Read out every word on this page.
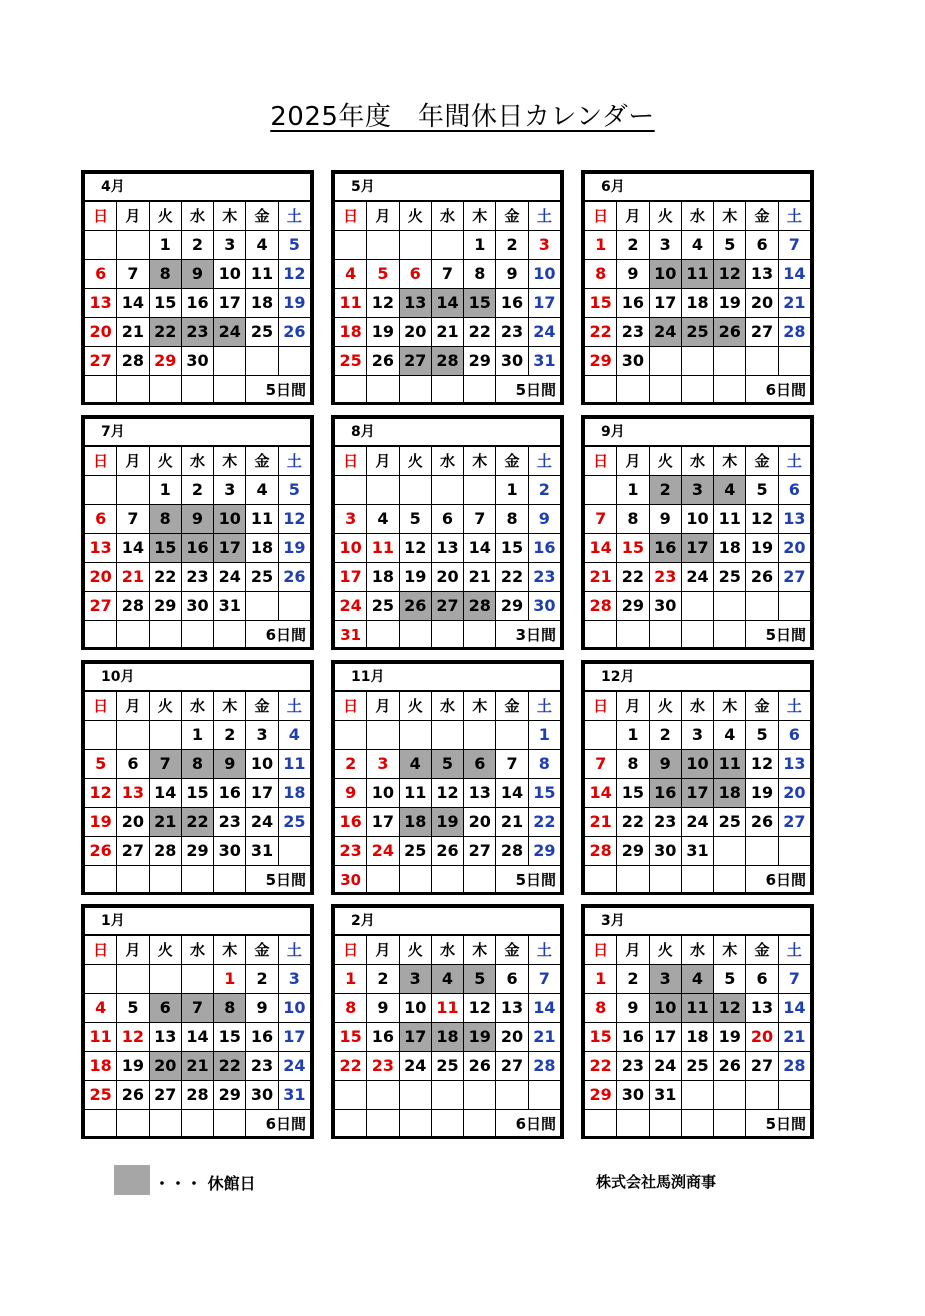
2025年度　年間休日カレンダー
4月						
日	月	火	水	木	金	土
		1	2	3	4	5
6	7	8	9	10	11	12
13	14	15	16	17	18	19
20	21	22	23	24	25	26
27	28	29	30			
					5日間	
5月						
日	月	火	水	木	金	土
				1	2	3
4	5	6	7	8	9	10
11	12	13	14	15	16	17
18	19	20	21	22	23	24
25	26	27	28	29	30	31
					5日間	
6月						
日	月	火	水	木	金	土
1	2	3	4	5	6	7
8	9	10	11	12	13	14
15	16	17	18	19	20	21
22	23	24	25	26	27	28
29	30					
					6日間	
7月						
日	月	火	水	木	金	土
		1	2	3	4	5
6	7	8	9	10	11	12
13	14	15	16	17	18	19
20	21	22	23	24	25	26
27	28	29	30	31		
					6日間	
8月						
日	月	火	水	木	金	土
					1	2
3	4	5	6	7	8	9
10	11	12	13	14	15	16
17	18	19	20	21	22	23
24	25	26	27	28	29	30
31					3日間	
9月						
日	月	火	水	木	金	土
	1	2	3	4	5	6
7	8	9	10	11	12	13
14	15	16	17	18	19	20
21	22	23	24	25	26	27
28	29	30				
					5日間	
10月						
日	月	火	水	木	金	土
			1	2	3	4
5	6	7	8	9	10	11
12	13	14	15	16	17	18
19	20	21	22	23	24	25
26	27	28	29	30	31	
					5日間	
11月						
日	月	火	水	木	金	土
						1
2	3	4	5	6	7	8
9	10	11	12	13	14	15
16	17	18	19	20	21	22
23	24	25	26	27	28	29
30					5日間	
12月						
日	月	火	水	木	金	土
	1	2	3	4	5	6
7	8	9	10	11	12	13
14	15	16	17	18	19	20
21	22	23	24	25	26	27
28	29	30	31			
					6日間	
1月						
日	月	火	水	木	金	土
				1	2	3
4	5	6	7	8	9	10
11	12	13	14	15	16	17
18	19	20	21	22	23	24
25	26	27	28	29	30	31
					6日間	
2月						
日	月	火	水	木	金	土
1	2	3	4	5	6	7
8	9	10	11	12	13	14
15	16	17	18	19	20	21
22	23	24	25	26	27	28

					6日間	
3月						
日	月	火	水	木	金	土
1	2	3	4	5	6	7
8	9	10	11	12	13	14
15	16	17	18	19	20	21
22	23	24	25	26	27	28
29	30	31				
					5日間	
・・・ 休館日	株式会社馬渕商事
